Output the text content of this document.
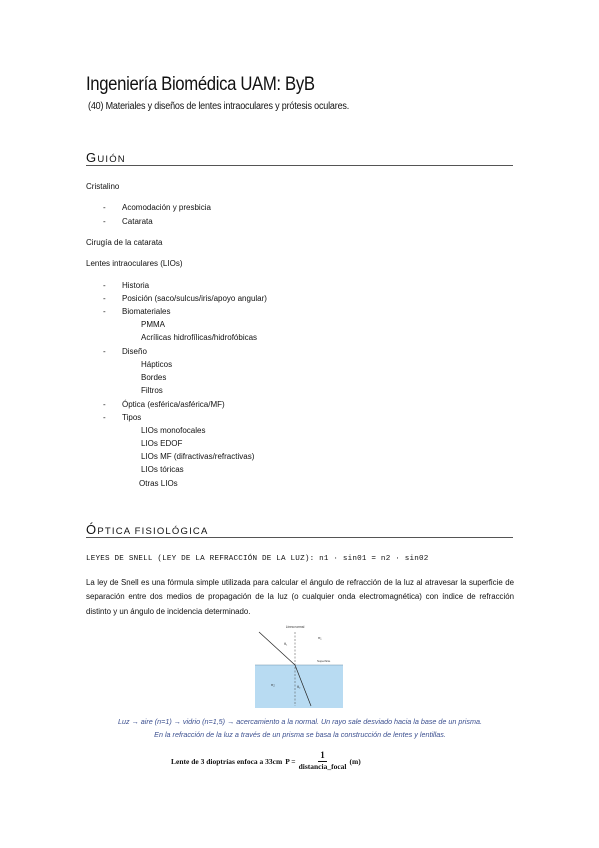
Ingeniería Biomédica UAM: ByB
(40) Materiales y diseños de lentes intraoculares y prótesis oculares.
GUIÓN
Cristalino
- Acomodación y presbicia
- Catarata
Cirugía de la catarata
Lentes intraoculares (LIOs)
- Historia
- Posición (saco/sulcus/iris/apoyo angular)
- Biomateriales
PMMA
Acrílicas hidrofílicas/hidrofóbicas
- Diseño
Hápticos
Bordes
Filtros
- Óptica (esférica/asférica/MF)
- Tipos
LIOs monofocales
LIOs EDOF
LIOs MF (difractivas/refractivas)
LIOs tóricas
Otras LIOs
ÓPTICA FISIOLÓGICA
LEYES DE SNELL (LEY DE LA REFRACCIÓN DE LA LUZ): n1 · sin01 = n2 · sin02
La ley de Snell es una fórmula simple utilizada para calcular el ángulo de refracción de la luz al atravesar la superficie de separación entre dos medios de propagación de la luz (o cualquier onda electromagnética) con índice de refracción distinto y un ángulo de incidencia determinado.
Línea normal
Superficie
n₁
n₂
θ₁
θ₂
Luz → aire (n=1) → vidrio (n=1,5) → acercamiento a la normal. Un rayo sale desviado hacia la base de un prisma.
En la refracción de la luz a través de un prisma se basa la construcción de lentes y lentillas.
Lente de 3 dioptrías enfoca a 33cm $P = \frac{1}{\text{distancia\_focal}} (m)$
